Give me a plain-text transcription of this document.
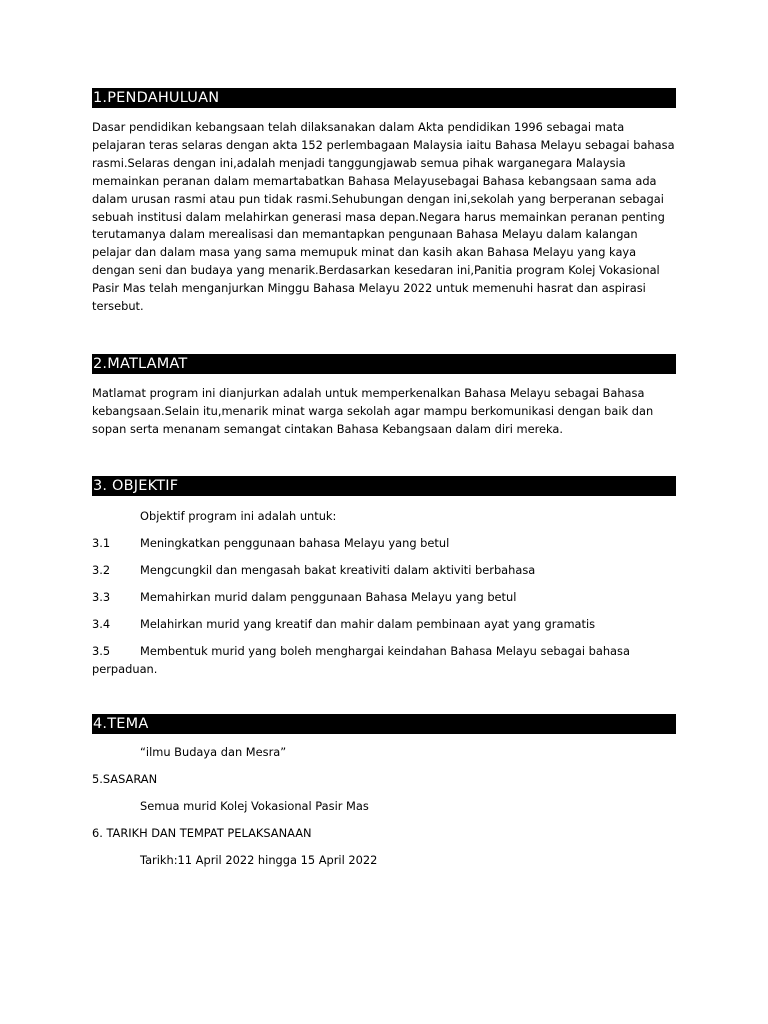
1.PENDAHULUAN
Dasar pendidikan kebangsaan telah dilaksanakan dalam Akta pendidikan 1996 sebagai mata
pelajaran teras selaras dengan akta 152 perlembagaan Malaysia iaitu Bahasa Melayu sebagai bahasa
rasmi.Selaras dengan ini,adalah menjadi tanggungjawab semua pihak warganegara Malaysia
memainkan peranan dalam memartabatkan Bahasa Melayusebagai Bahasa kebangsaan sama ada
dalam urusan rasmi atau pun tidak rasmi.Sehubungan dengan ini,sekolah yang berperanan sebagai
sebuah institusi dalam melahirkan generasi masa depan.Negara harus memainkan peranan penting
terutamanya dalam merealisasi dan memantapkan pengunaan Bahasa Melayu dalam kalangan
pelajar dan dalam masa yang sama memupuk minat dan kasih akan Bahasa Melayu yang kaya
dengan seni dan budaya yang menarik.Berdasarkan kesedaran ini,Panitia program Kolej Vokasional
Pasir Mas telah menganjurkan Minggu Bahasa Melayu 2022 untuk memenuhi hasrat dan aspirasi
tersebut.
2.MATLAMAT
Matlamat program ini dianjurkan adalah untuk memperkenalkan Bahasa Melayu sebagai Bahasa
kebangsaan.Selain itu,menarik minat warga sekolah agar mampu berkomunikasi dengan baik dan
sopan serta menanam semangat cintakan Bahasa Kebangsaan dalam diri mereka.
3. OBJEKTIF
Objektif program ini adalah untuk:
3.1	Meningkatkan penggunaan bahasa Melayu yang betul
3.2	Mengcungkil dan mengasah bakat kreativiti dalam aktiviti berbahasa
3.3	Memahirkan murid dalam penggunaan Bahasa Melayu yang betul
3.4	Melahirkan murid yang kreatif dan mahir dalam pembinaan ayat yang gramatis
3.5	Membentuk murid yang boleh menghargai keindahan Bahasa Melayu sebagai bahasa
perpaduan.
4.TEMA
“ilmu Budaya dan Mesra”
5.SASARAN
Semua murid Kolej Vokasional Pasir Mas
6. TARIKH DAN TEMPAT PELAKSANAAN
Tarikh:11 April 2022 hingga 15 April 2022
